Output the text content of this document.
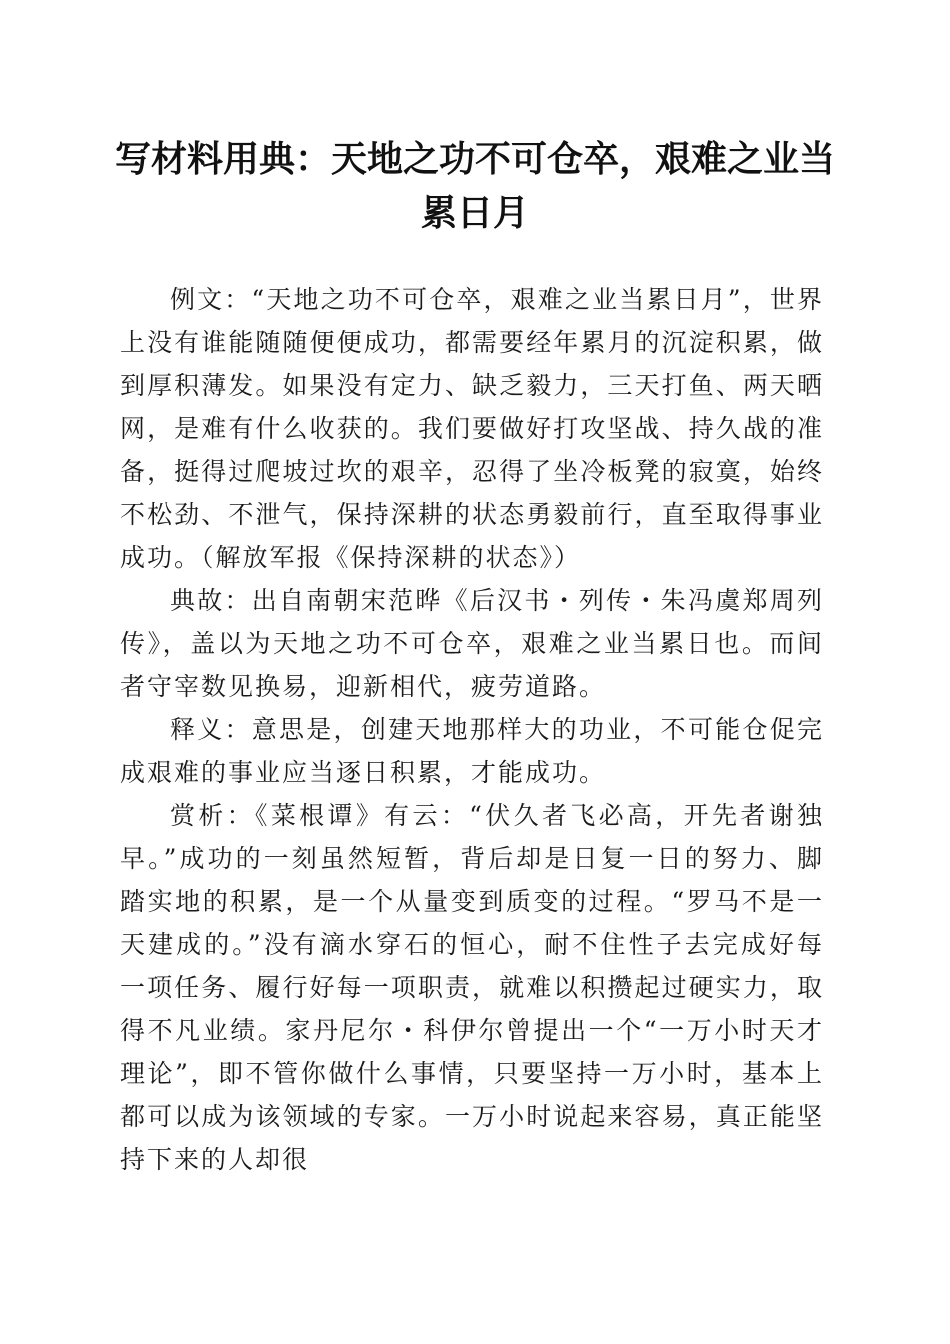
写材料用典：天地之功不可仓卒，艰难之业当累日月

例文：“天地之功不可仓卒，艰难之业当累日月”，世界上没有谁能随随便便成功，都需要经年累月的沉淀积累，做到厚积薄发。如果没有定力、缺乏毅力，三天打鱼、两天晒网，是难有什么收获的。我们要做好打攻坚战、持久战的准备，挺得过爬坡过坎的艰辛，忍得了坐冷板凳的寂寞，始终不松劲、不泄气，保持深耕的状态勇毅前行，直至取得事业成功。（解放军报《保持深耕的状态》）

典故：出自南朝宋范晔《后汉书・列传・朱冯虞郑周列传》，盖以为天地之功不可仓卒，艰难之业当累日也。而间者守宰数见换易，迎新相代，疲劳道路。

释义：意思是，创建天地那样大的功业，不可能仓促完成艰难的事业应当逐日积累，才能成功。

赏析：《菜根谭》有云：“伏久者飞必高，开先者谢独早。”成功的一刻虽然短暂，背后却是日复一日的努力、脚踏实地的积累，是一个从量变到质变的过程。“罗马不是一天建成的。”没有滴水穿石的恒心，耐不住性子去完成好每一项任务、履行好每一项职责，就难以积攒起过硬实力，取得不凡业绩。家丹尼尔・科伊尔曾提出一个“一万小时天才理论”，即不管你做什么事情，只要坚持一万小时，基本上都可以成为该领域的专家。一万小时说起来容易，真正能坚持下来的人却很
